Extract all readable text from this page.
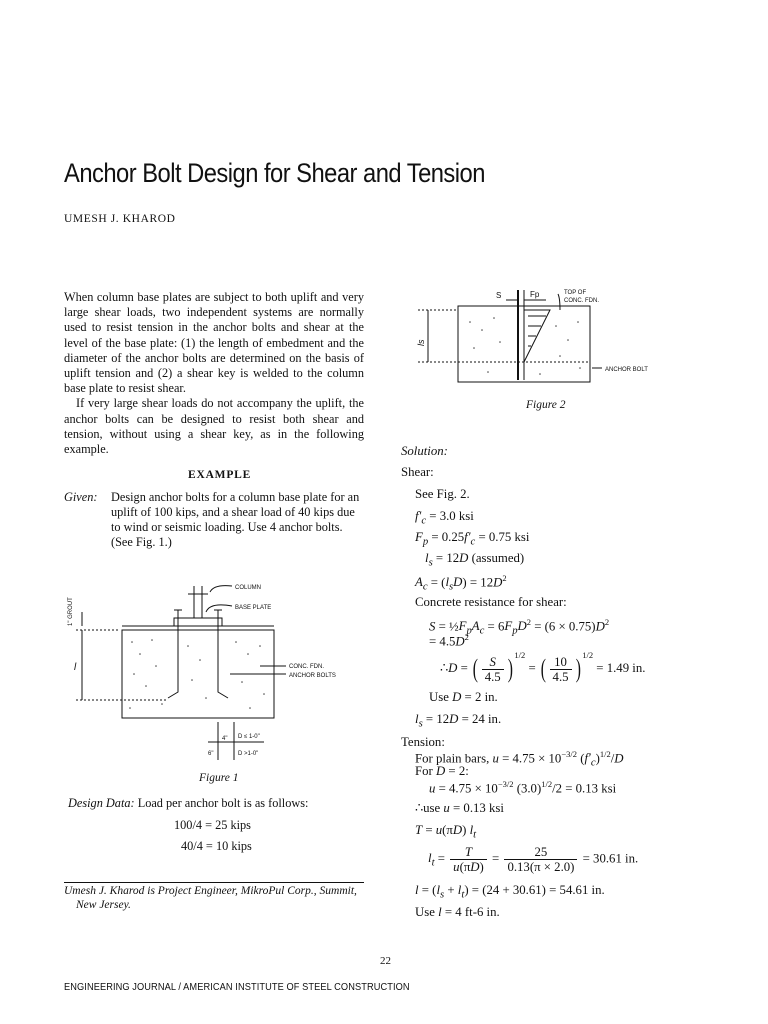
Anchor Bolt Design for Shear and Tension
UMESH J. KHAROD

When column base plates are subject to both uplift and very large shear loads, two independent systems are normally used to resist tension in the anchor bolts and shear at the level of the base plate: (1) the length of embedment and the diameter of the anchor bolts are determined on the basis of uplift tension and (2) a shear key is welded to the column base plate to resist shear.

If very large shear loads do not accompany the uplift, the anchor bolts can be designed to resist both shear and tension, without using a shear key, as in the following example.

EXAMPLE
Given: Design anchor bolts for a column base plate for an uplift of 100 kips, and a shear load of 40 kips due to wind or seismic loading. Use 4 anchor bolts. (See Fig. 1.)
1" GROUT
l
COLUMN
BASE PLATE
CONC. FDN.
ANCHOR BOLTS
4"
6"
D ≤ 1-0"
D >1-0"
Figure 1
Design Data: Load per anchor bolt is as follows:
100/4 = 25 kips
40/4 = 10 kips
Umesh J. Kharod is Project Engineer, MikroPul Corp., Summit,
New Jersey.
S	Fp	TOP OF
CONC. FDN.
ANCHOR BOLT
ls
Figure 2
Solution:
Shear:
See Fig. 2.
$f'_c = 3.0$ ksi
$F_p = 0.25f'_c = 0.75$ ksi
$l_s = 12D$ (assumed)
$A_c = (l_sD) = 12D^2$
Concrete resistance for shear:
$S = \frac{1}{2}F_pA_c = 6F_pD^2 = (6 \times 0.75)D^2$
= $4.5D^2$
∴D = ( $\frac{S}{4.5}$ ) $^{1/2}$ = ( $\frac{10}{4.5}$ ) $^{1/2}$ = 1.49 in.
Use D = 2 in.
$l_s = 12D = 24$ in.
Tension:
For plain bars, $u = 4.75 \times 10^{-3/2}$ $(f'_c)^{1/2}/D$
For D = 2:
$u = 4.75 \times 10^{-3/2}$ $(3.0)^{1/2}/2 = 0.13$ ksi
∴use u = 0.13 ksi
T = u(πD) $l_t$
$l_t = \frac{T}{u(\pi D)} = \frac{25}{0.13(\pi \times 2.0)} = 30.61$ in.
$l = (l_s + l_t) = (24 + 30.61) = 54.61$ in.
Use l = 4 ft-6 in.
22
ENGINEERING JOURNAL / AMERICAN INSTITUTE OF STEEL CONSTRUCTION
